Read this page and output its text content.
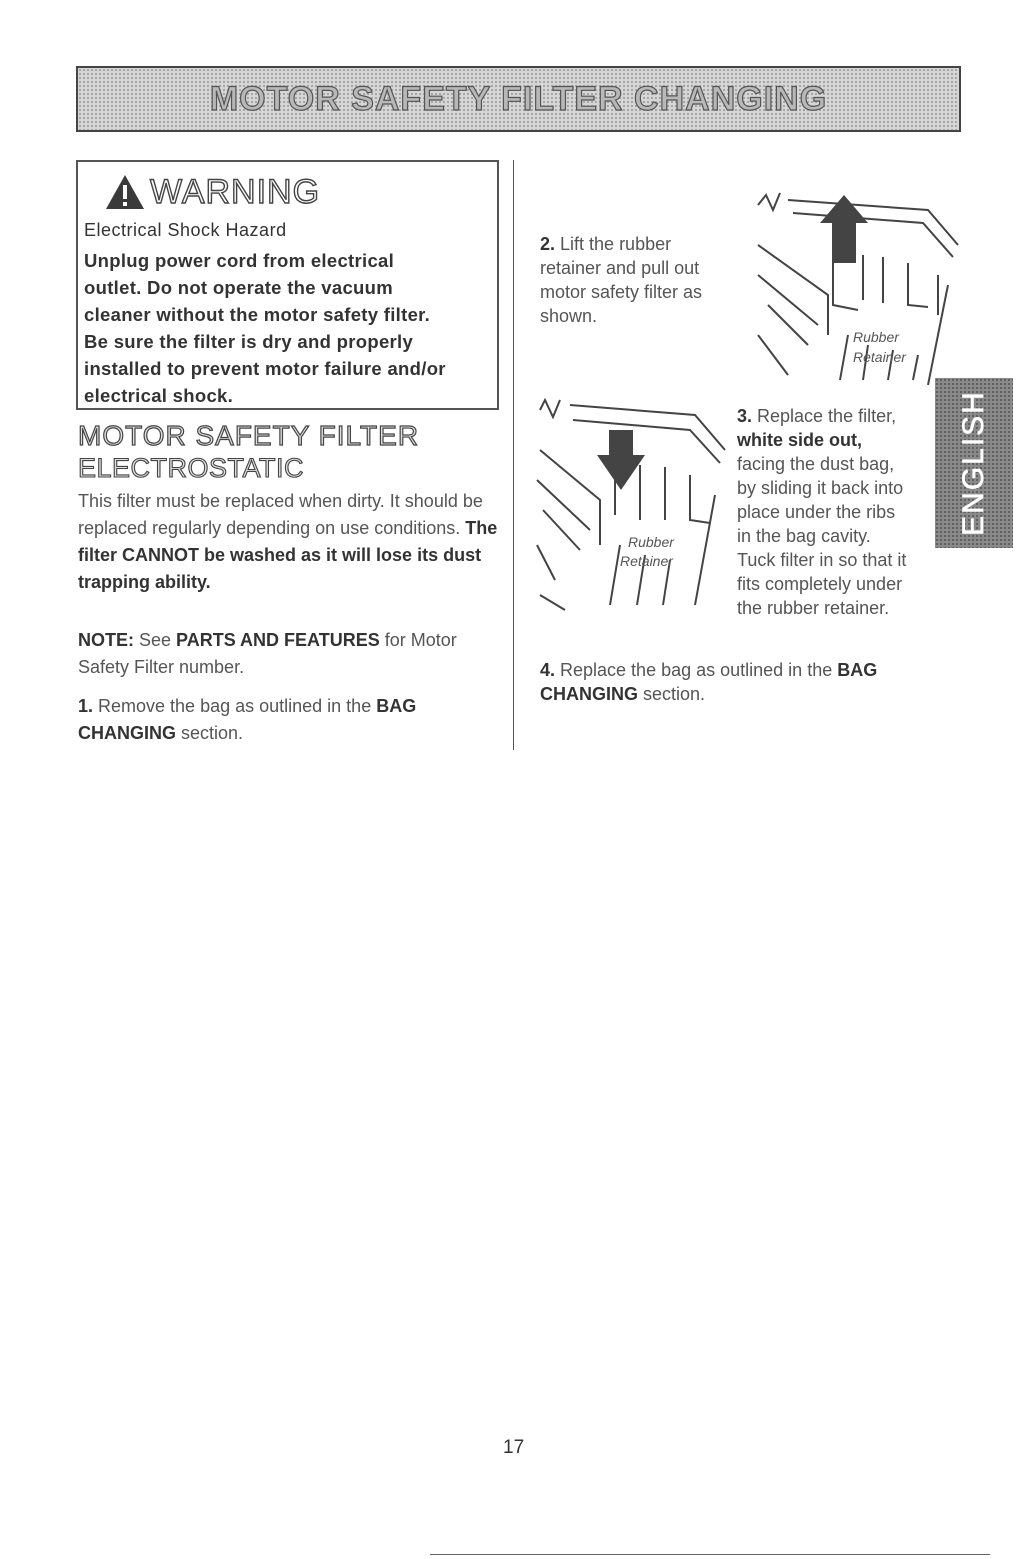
MOTOR SAFETY FILTER CHANGING
WARNING
Electrical Shock Hazard
Unplug power cord from electrical
outlet. Do not operate the vacuum
cleaner without the motor safety filter.
Be sure the filter is dry and properly
installed to prevent motor failure and/or
electrical shock.
MOTOR SAFETY FILTER
ELECTROSTATIC
This filter must be replaced when dirty. It should be replaced regularly depending on use conditions. The filter CANNOT be washed as it will lose its dust trapping ability.
NOTE: See PARTS AND FEATURES for Motor Safety Filter number.
1. Remove the bag as outlined in the BAG CHANGING section.
2. Lift the rubber
retainer and pull out
motor safety filter as
shown.
Rubber
Retainer
Rubber
Retainer
3. Replace the filter,
white side out,
facing the dust bag,
by sliding it back into
place under the ribs
in the bag cavity.
Tuck filter in so that it
fits completely under
the rubber retainer.
4. Replace the bag as outlined in the BAG CHANGING section.
ENGLISH
17
